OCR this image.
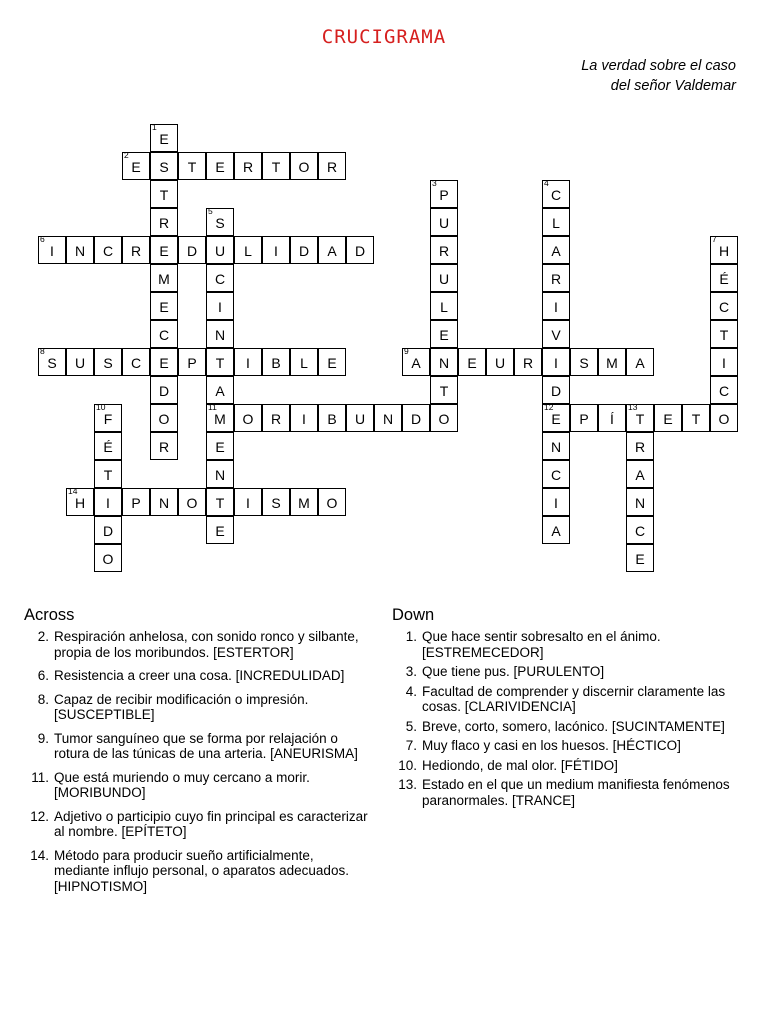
CRUCIGRAMA
La verdad sobre el caso
del señor Valdemar
1
E
S
T
R
E
M
E
C
E
D
O
R
2
E	T	E	R	T	O	R
3
P
U
R
U
L
E
N
T
O
4
C
L
A
R
I
V
I
D
12
E
N
C
I
A
5
S
U
C
I
N
T
A
11
M
E
N
T
E
6
I	N	C	R	D	L	I	D	A	D
7
H
É
C
T
I
C
O
8
S	U	S	C	P	I	B	L	E
9
A	E	U	R	S	M	A
10
F
É
T
I
D
O
O	R	I	B	U	N	D	P	Í
13
T	E	T
R
A
N
C
E
14
H	P	N	O	I	S	M	O
Across
2. Respiración anhelosa, con sonido ronco y silbante, propia de los moribundos. [ESTERTOR]
6. Resistencia a creer una cosa. [INCREDULIDAD]
8. Capaz de recibir modificación o impresión. [SUSCEPTIBLE]
9. Tumor sanguíneo que se forma por relajación o rotura de las túnicas de una arteria. [ANEURISMA]
11. Que está muriendo o muy cercano a morir. [MORIBUNDO]
12. Adjetivo o participio cuyo fin principal es caracterizar al nombre. [EPÍTETO]
14. Método para producir sueño artificialmente, mediante influjo personal, o aparatos adecuados. [HIPNOTISMO]
Down
1. Que hace sentir sobresalto en el ánimo. [ESTREMECEDOR]
3. Que tiene pus. [PURULENTO]
4. Facultad de comprender y discernir claramente las cosas. [CLARIVIDENCIA]
5. Breve, corto, somero, lacónico. [SUCINTAMENTE]
7. Muy flaco y casi en los huesos. [HÉCTICO]
10. Hediondo, de mal olor. [FÉTIDO]
13. Estado en el que un medium manifiesta fenómenos paranormales. [TRANCE]
